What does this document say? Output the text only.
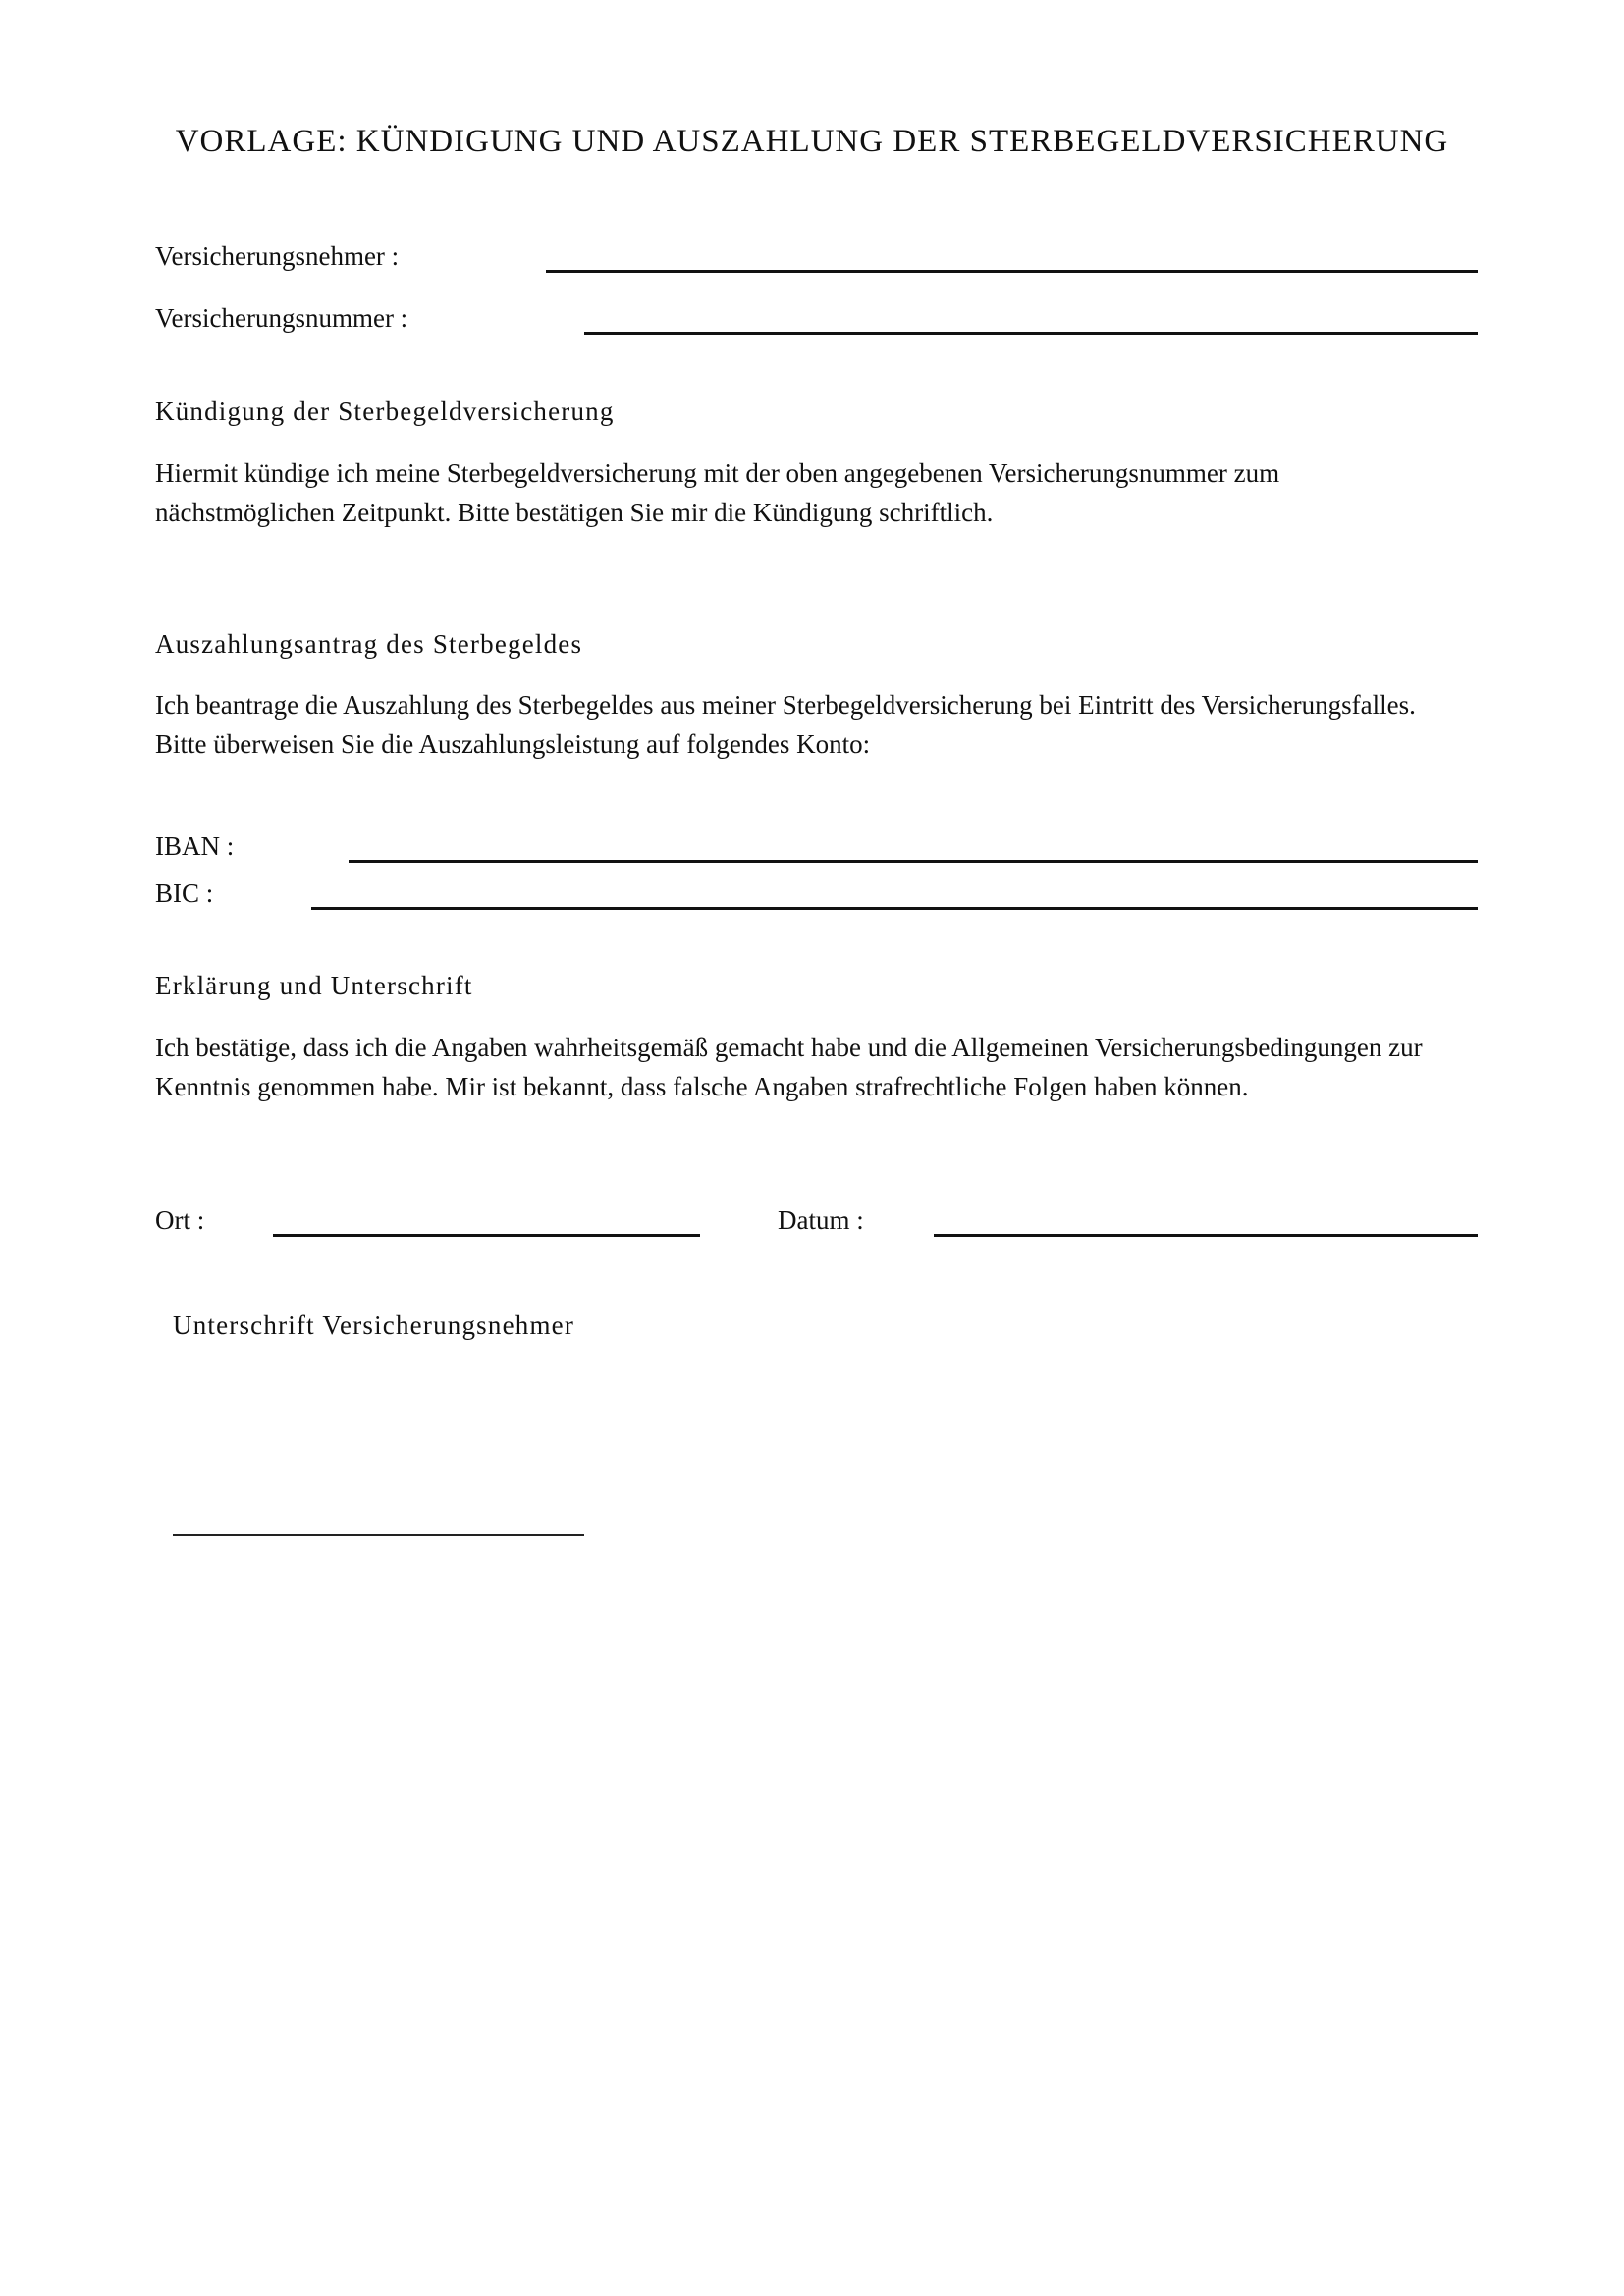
VORLAGE: KÜNDIGUNG UND AUSZAHLUNG DER STERBEGELDVERSICHERUNG
Versicherungsnehmer :
Versicherungsnummer :
Kündigung der Sterbegeldversicherung
Hiermit kündige ich meine Sterbegeldversicherung mit der oben angegebenen Versicherungsnummer zum
nächstmöglichen Zeitpunkt. Bitte bestätigen Sie mir die Kündigung schriftlich.
Auszahlungsantrag des Sterbegeldes
Ich beantrage die Auszahlung des Sterbegeldes aus meiner Sterbegeldversicherung bei Eintritt des Versicherungsfalles.
Bitte überweisen Sie die Auszahlungsleistung auf folgendes Konto:
IBAN :
BIC :
Erklärung und Unterschrift
Ich bestätige, dass ich die Angaben wahrheitsgemäß gemacht habe und die Allgemeinen Versicherungsbedingungen zur
Kenntnis genommen habe. Mir ist bekannt, dass falsche Angaben strafrechtliche Folgen haben können.
Ort :	Datum :
Unterschrift Versicherungsnehmer
